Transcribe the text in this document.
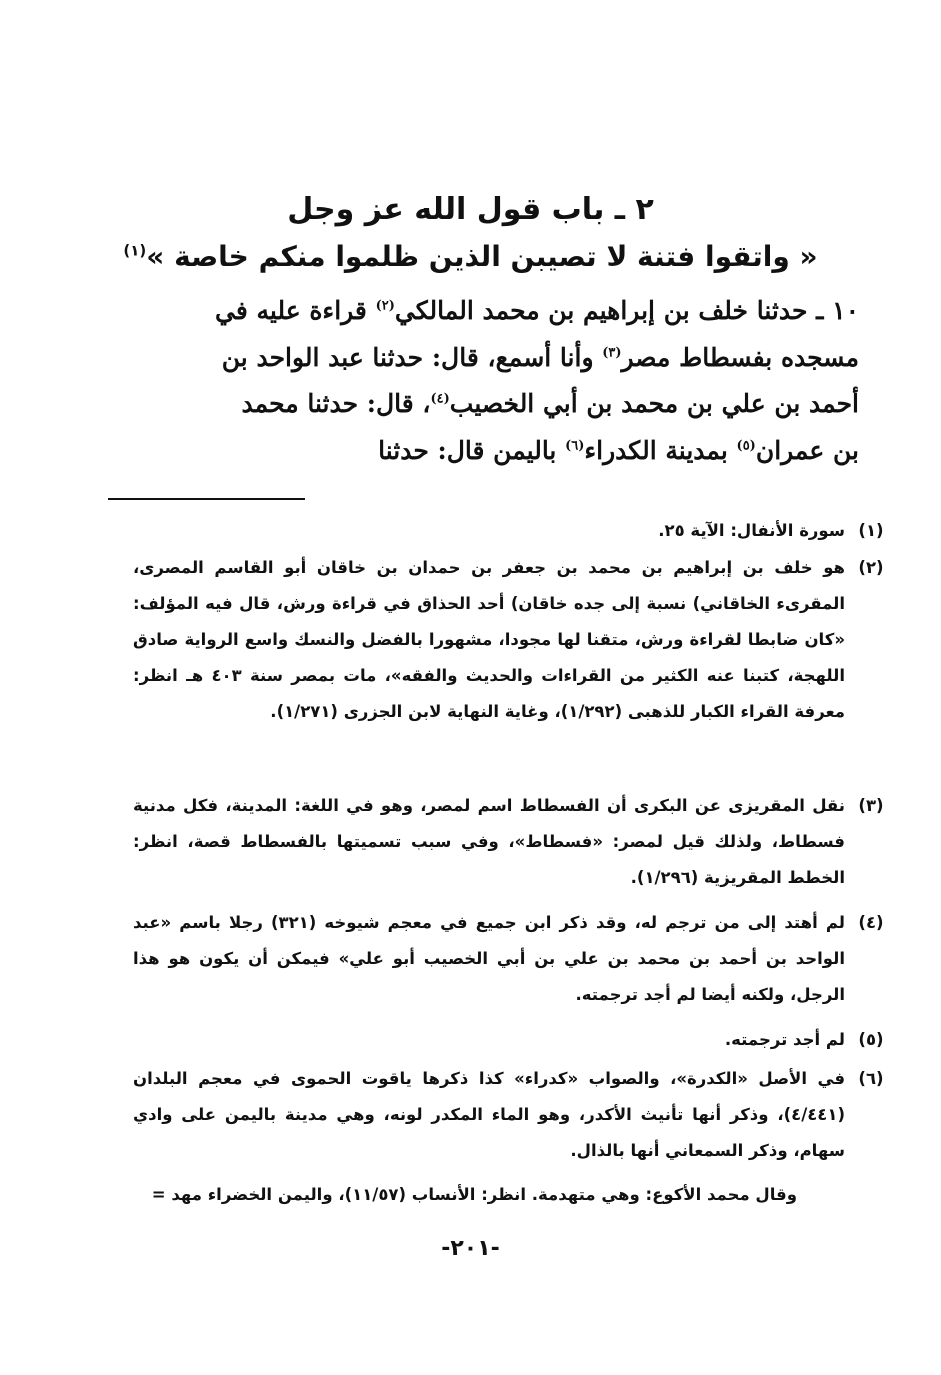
٢ ـ باب قول الله عز وجل
« واتقوا فتنة لا تصيبن الذين ظلموا منكم خاصة »$^{(١)}$
١٠ ـ حدثنا خلف بن إبراهيم بن محمد المالكي$^{(٢)}$ قراءة عليه في
مسجده بفسطاط مصر$^{(٣)}$ وأنا أسمع، قال: حدثنا عبد الواحد بن
أحمد بن علي بن محمد بن أبي الخصيب$^{(٤)}$، قال: حدثنا محمد
بن عمران$^{(٥)}$ بمدينة الكدراء$^{(٦)}$ باليمن قال: حدثنا
(١)
سورة الأنفال: الآية ٢٥.
(٢)
هو خلف بن إبراهيم بن محمد بن جعفر بن حمدان بن خاقان أبو القاسم المصرى، المقرىء الخاقاني) نسبة إلى جده خاقان) أحد الحذاق في قراءة ورش، قال فيه المؤلف: «كان ضابطا لقراءة ورش، متقنا لها مجودا، مشهورا بالفضل والنسك واسع الرواية صادق اللهجة، كتبنا عنه الكثير من القراءات والحديث والفقه»، مات بمصر سنة ٤٠٣ هـ انظر: معرفة القراء الكبار للذهبى (١/٢٩٢)، وغاية النهاية لابن الجزرى (١/٢٧١).
(٣)
نقل المقريزى عن البكرى أن الفسطاط اسم لمصر، وهو في اللغة: المدينة، فكل مدنية فسطاط، ولذلك قيل لمصر: «فسطاط»، وفي سبب تسميتها بالفسطاط قصة، انظر: الخطط المقريزية (١/٢٩٦).
(٤)
لم أهتد إلى من ترجم له، وقد ذكر ابن جميع في معجم شيوخه (٣٢١) رجلا باسم «عبد الواحد بن أحمد بن محمد بن علي بن أبي الخصيب أبو علي» فيمكن أن يكون هو هذا الرجل، ولكنه أيضا لم أجد ترجمته.
(٥)
لم أجد ترجمته.
(٦)
في الأصل «الكدرة»، والصواب «كدراء» كذا ذكرها ياقوت الحموى في معجم البلدان (٤/٤٤١)، وذكر أنها تأنيث الأكدر، وهو الماء المكدر لونه، وهي مدينة باليمن على وادي سهام، وذكر السمعاني أنها بالذال.
وقال محمد الأكوع: وهي متهدمة. انظر: الأنساب (١١/٥٧)، واليمن الخضراء مهد =
-٢٠١-
